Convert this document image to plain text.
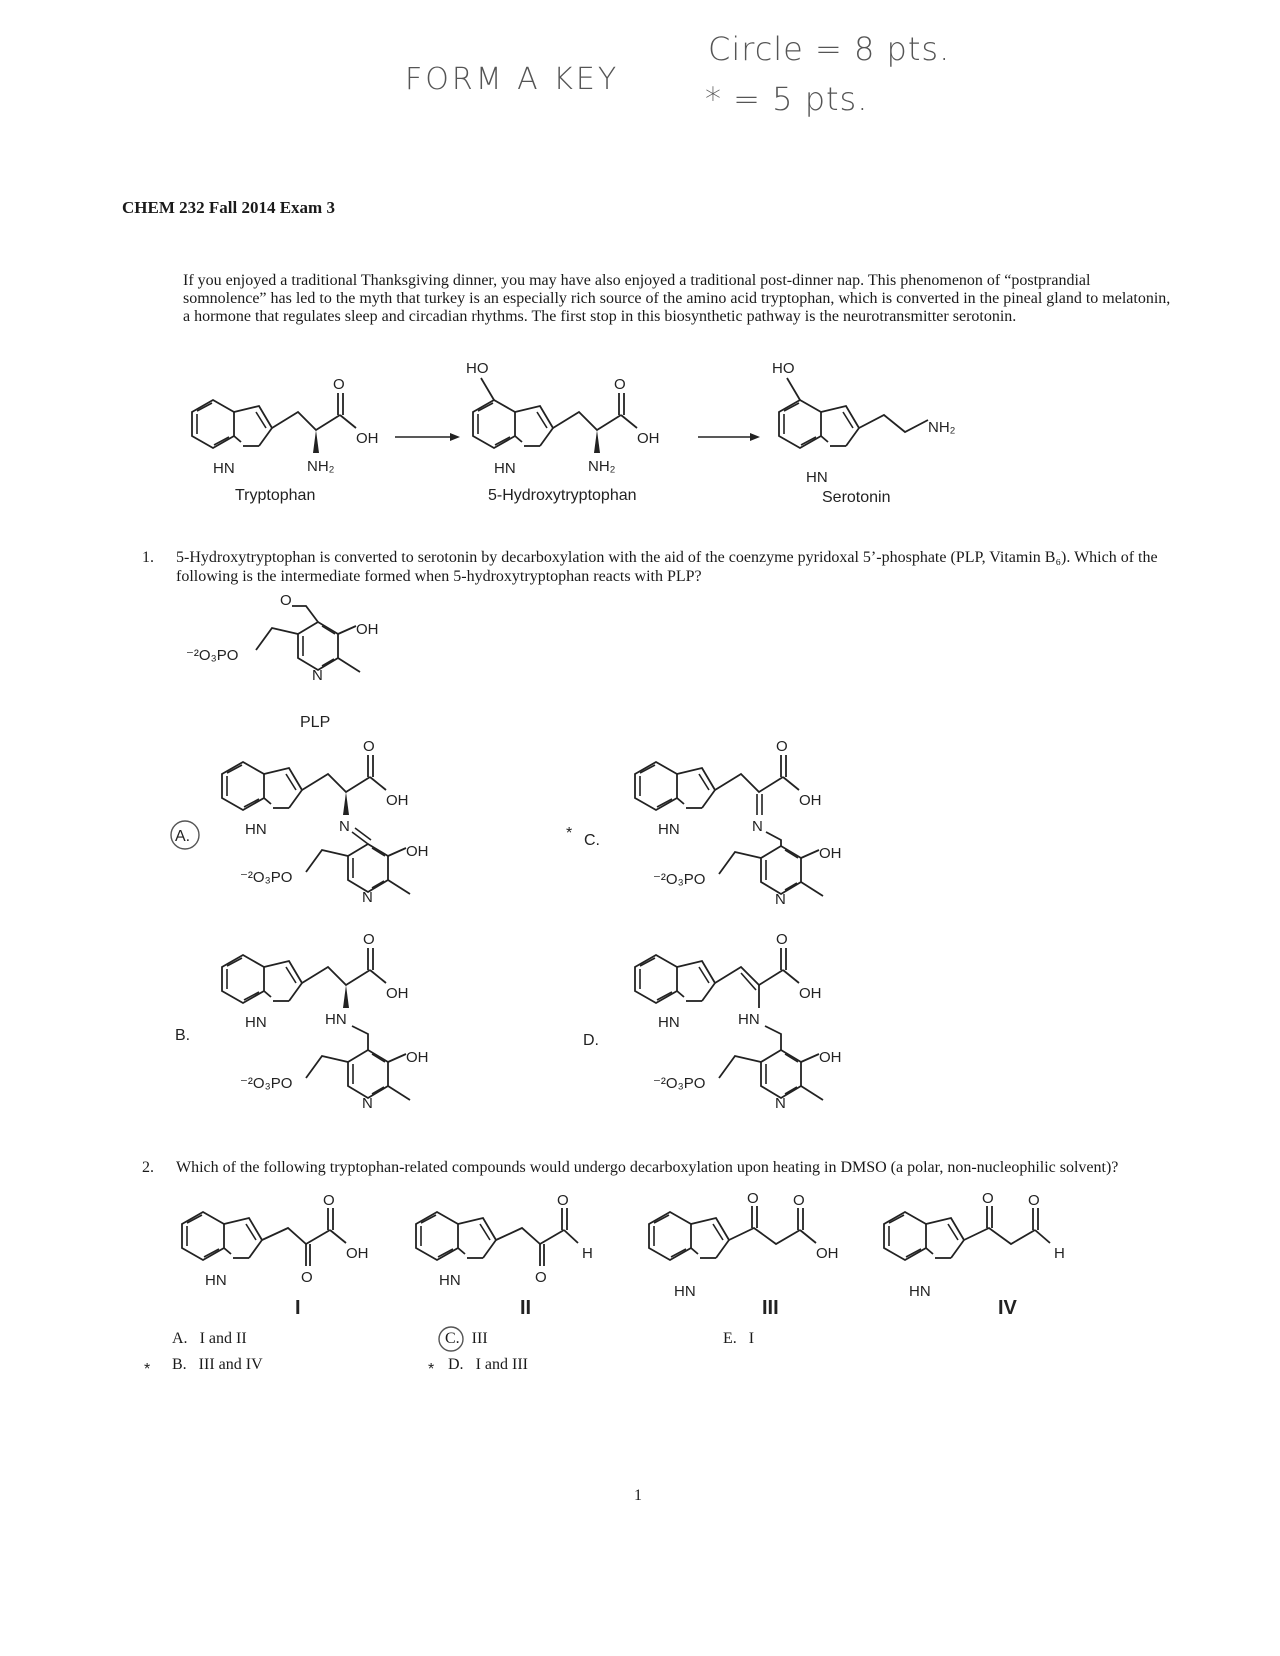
FORM A KEY
Circle = 8 pts.
* = 5 pts.
CHEM 232 Fall 2014 Exam 3
If you enjoyed a traditional Thanksgiving dinner, you may have also enjoyed a traditional post-dinner nap. This phenomenon of “postprandial somnolence” has led to the myth that turkey is an especially rich source of the amino acid tryptophan, which is converted in the pineal gland to melatonin, a hormone that regulates sleep and circadian rhythms. The first stop in this biosynthetic pathway is the neurotransmitter serotonin.
1. 5-Hydroxytryptophan is converted to serotonin by decarboxylation with the aid of the coenzyme pyridoxal 5’-phosphate (PLP, Vitamin B₆). Which of the following is the intermediate formed when 5-hydroxytryptophan reacts with PLP?
2. Which of the following tryptophan-related compounds would undergo decarboxylation upon heating in DMSO (a polar, non-nucleophilic solvent)?
O
OH
NH₂
HN
Tryptophan
HO
O
OH
NH₂
HN
5-Hydroxytryptophan
HO
NH₂
HN
Serotonin
O
OH
⁻²O₃PO
N
PLP
O
OH
N
OH
⁻²O₃PO
N
HN
O
OH
HN
OH
⁻²O₃PO
N
HN
O
OH
N
OH
⁻²O₃PO
N
HN
O
OH
HN
OH
⁻²O₃PO
N
HN
A.
B.
* C.
D.
O
OH
O
HN
I
O
H
O
HN
II
O O
OH
HN
III
O O
H
HN
IV
*	*
A. I and II
B. III and IV
C. III
D. I and III
E. I
1
